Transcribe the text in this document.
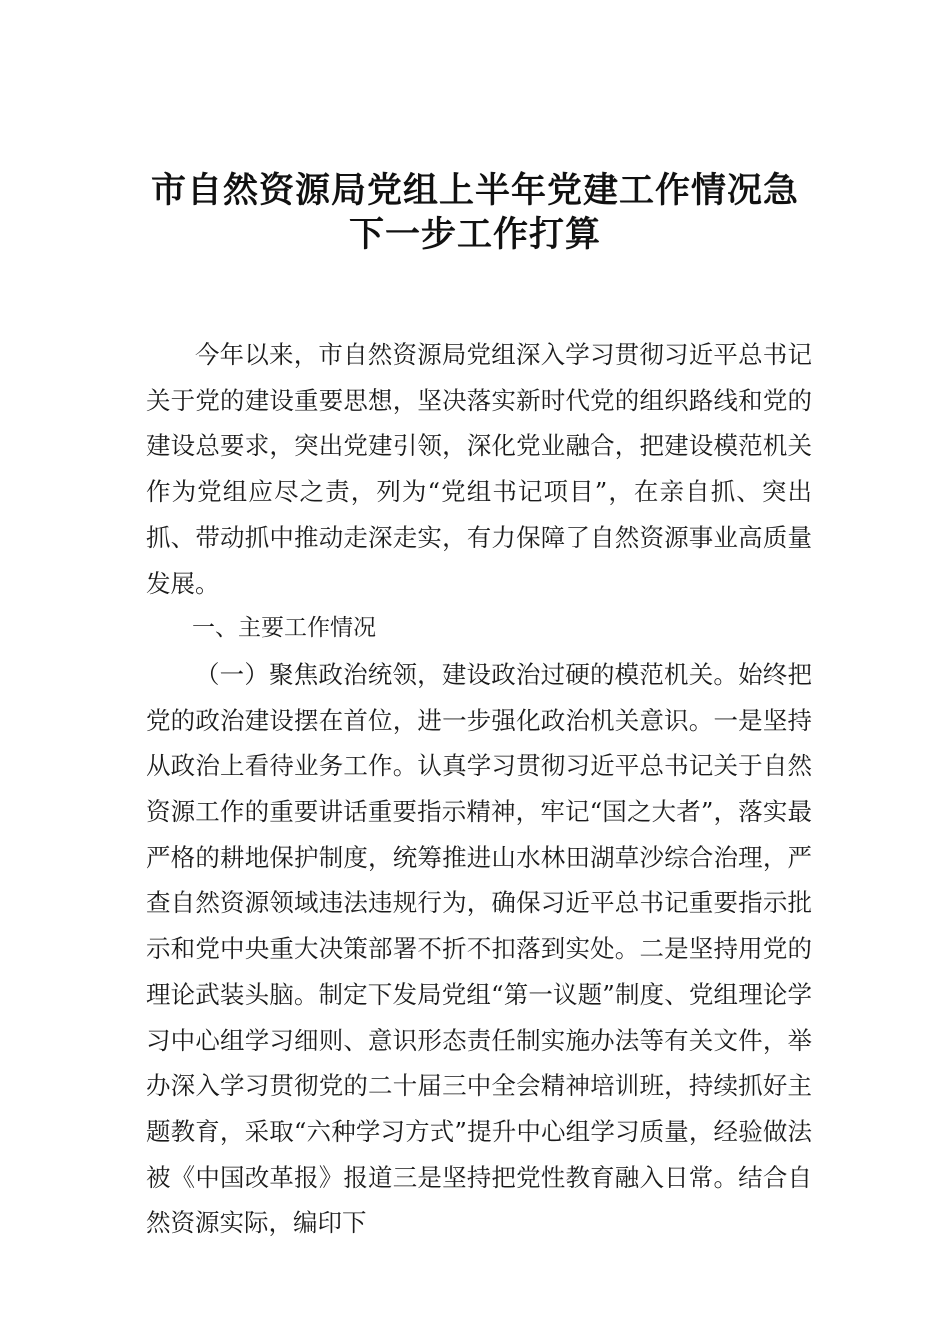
市自然资源局党组上半年党建工作情况急
下一步工作打算

今年以来，市自然资源局党组深入学习贯彻习近平总书记关于党的建设重要思想，坚决落实新时代党的组织路线和党的建设总要求，突出党建引领，深化党业融合，把建设模范机关作为党组应尽之责，列为“党组书记项目”，在亲自抓、突出抓、带动抓中推动走深走实，有力保障了自然资源事业高质量发展。

一、主要工作情况

（一）聚焦政治统领，建设政治过硬的模范机关。始终把党的政治建设摆在首位，进一步强化政治机关意识。一是坚持从政治上看待业务工作。认真学习贯彻习近平总书记关于自然资源工作的重要讲话重要指示精神，牢记“国之大者”，落实最严格的耕地保护制度，统筹推进山水林田湖草沙综合治理，严查自然资源领域违法违规行为，确保习近平总书记重要指示批示和党中央重大决策部署不折不扣落到实处。二是坚持用党的理论武装头脑。制定下发局党组“第一议题”制度、党组理论学习中心组学习细则、意识形态责任制实施办法等有关文件，举办深入学习贯彻党的二十届三中全会精神培训班，持续抓好主题教育，采取“六种学习方式”提升中心组学习质量，经验做法被《中国改革报》报道三是坚持把党性教育融入日常。结合自然资源实际，编印下
